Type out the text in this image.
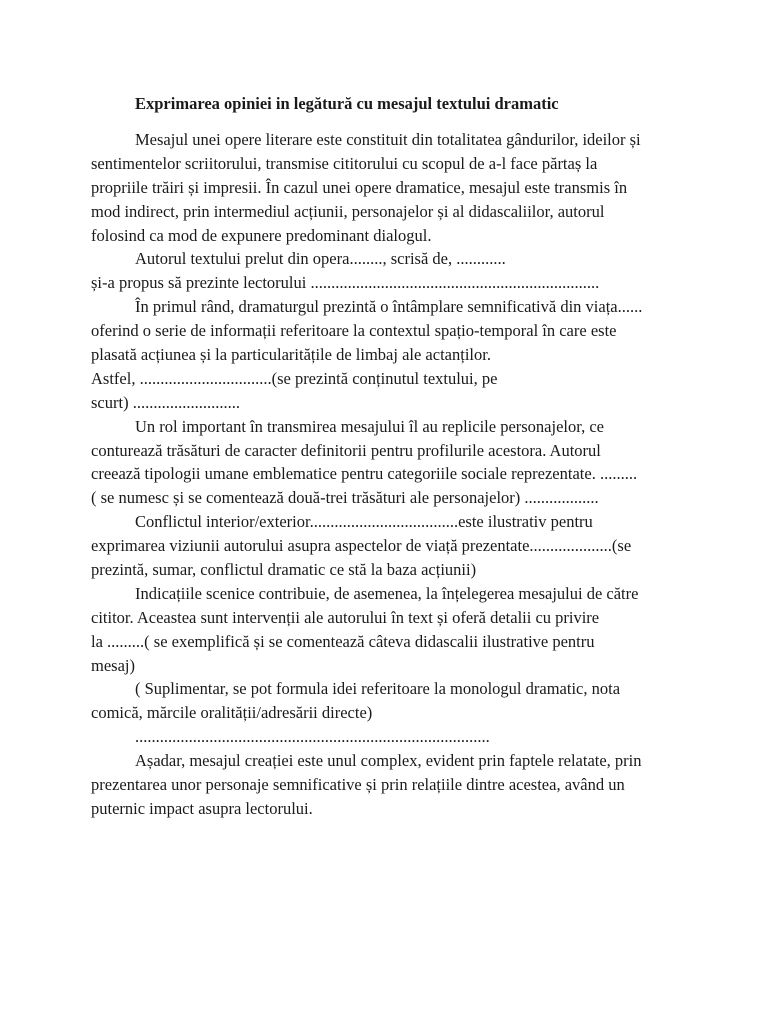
Exprimarea opiniei in legătură cu mesajul textului dramatic
Mesajul unei opere literare este constituit din totalitatea gândurilor, ideilor și
sentimentelor scriitorului, transmise cititorului cu scopul de a-l face părtaș la
propriile trăiri și impresii. În cazul unei opere dramatice, mesajul este transmis în
mod indirect, prin intermediul acțiunii, personajelor și al didascaliilor, autorul
folosind ca mod de expunere predominant dialogul.
Autorul textului prelut din opera........, scrisă de, ............
și-a propus să prezinte lectorului ......................................................................
În primul rând, dramaturgul prezintă o întâmplare semnificativă din viața......
oferind o serie de informații referitoare la contextul spațio-temporal în care este
plasată acțiunea și la particularitățile de limbaj ale actanților.
Astfel, ................................(se prezintă conținutul textului, pe
scurt) ..........................
Un rol important în transmirea mesajului îl au replicile personajelor, ce
conturează trăsături de caracter definitorii pentru profilurile acestora. Autorul
creează tipologii umane emblematice pentru categoriile sociale reprezentate. .........
( se numesc și se comentează două-trei trăsături ale personajelor) ..................
Conflictul interior/exterior....................................este ilustrativ pentru
exprimarea viziunii autorului asupra aspectelor de viață prezentate....................(se
prezintă, sumar, conflictul dramatic ce stă la baza acțiunii)
Indicațiile scenice contribuie, de asemenea, la înțelegerea mesajului de către
cititor. Aceastea sunt intervenții ale autorului în text și oferă detalii cu privire
la .........( se exemplifică și se comentează câteva didascalii ilustrative pentru
mesaj)
( Suplimentar, se pot formula idei referitoare la monologul dramatic, nota
comică, mărcile oralității/adresării directe)
......................................................................................
Așadar, mesajul creației este unul complex, evident prin faptele relatate, prin
prezentarea unor personaje semnificative și prin relațiile dintre acestea, având un
puternic impact asupra lectorului.
